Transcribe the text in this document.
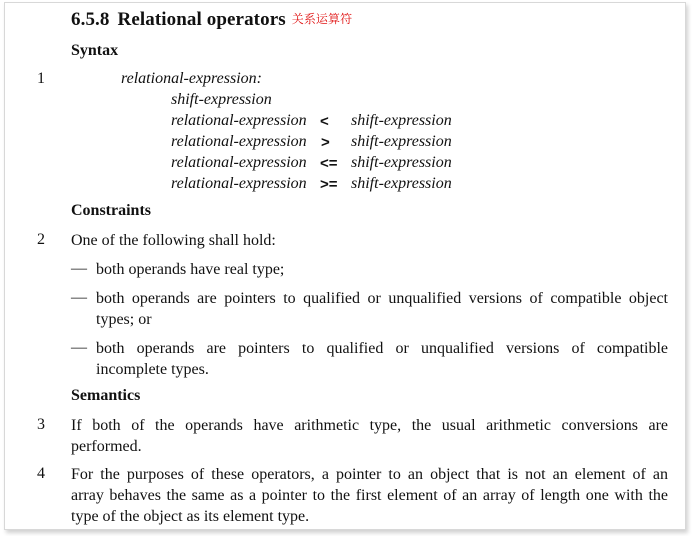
6.5.8 Relational operators 关系运算符
Syntax
1	relational-expression:
shift-expression
relational-expression < shift-expression
relational-expression > shift-expression
relational-expression <= shift-expression
relational-expression >= shift-expression
Constraints
2 One of the following shall hold:
— both operands have real type;
— both operands are pointers to qualified or unqualified versions of compatible object
types; or
— both operands are pointers to qualified or unqualified versions of compatible
incomplete types.
Semantics
3 If both of the operands have arithmetic type, the usual arithmetic conversions are
performed.
4 For the purposes of these operators, a pointer to an object that is not an element of an
array behaves the same as a pointer to the first element of an array of length one with the
type of the object as its element type.
